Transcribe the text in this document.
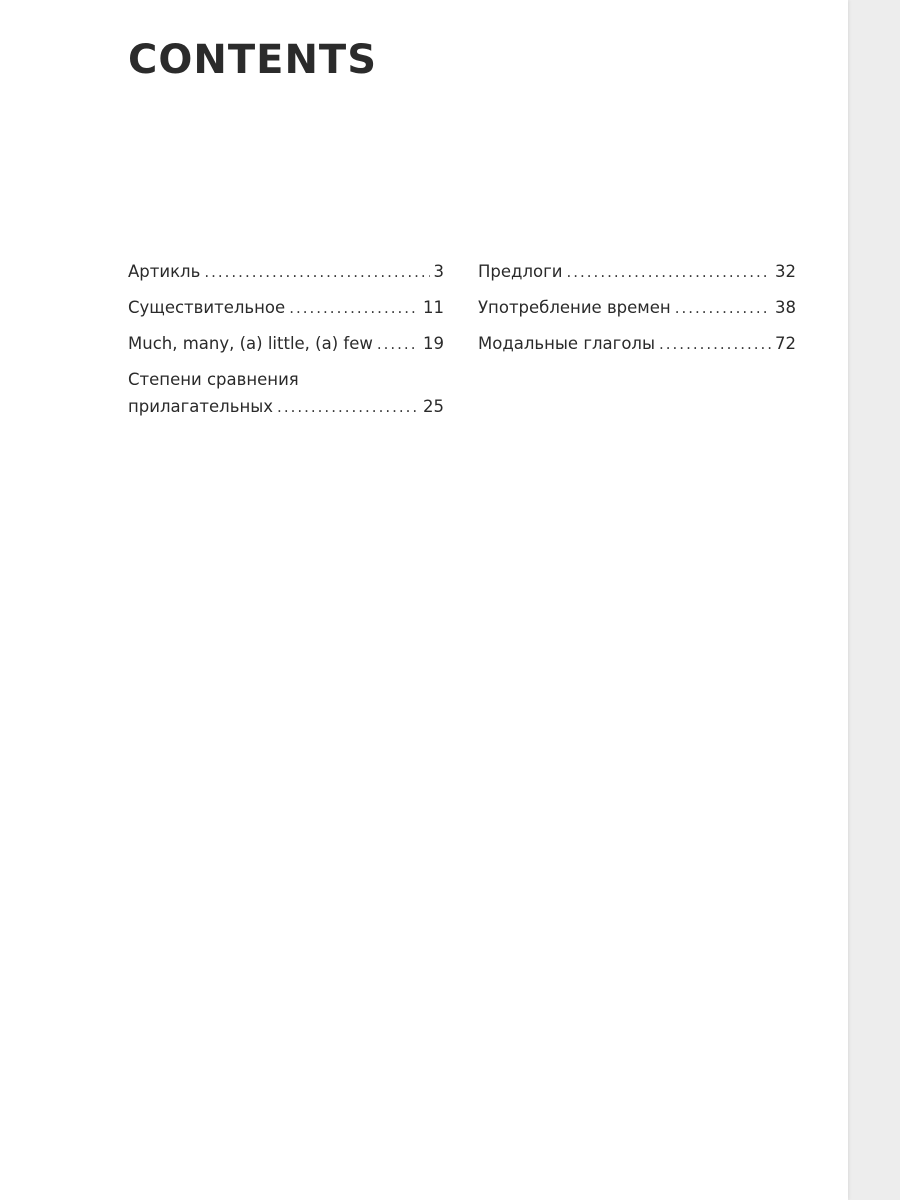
CONTENTS
Артикль .....	3
Существительное .....	11
Much, many, (a) little, (a) few .....	19
Степени сравнения
прилагательных .....	25
Предлоги .....	32
Употребление времен .....	38
Модальные глаголы .....	72
